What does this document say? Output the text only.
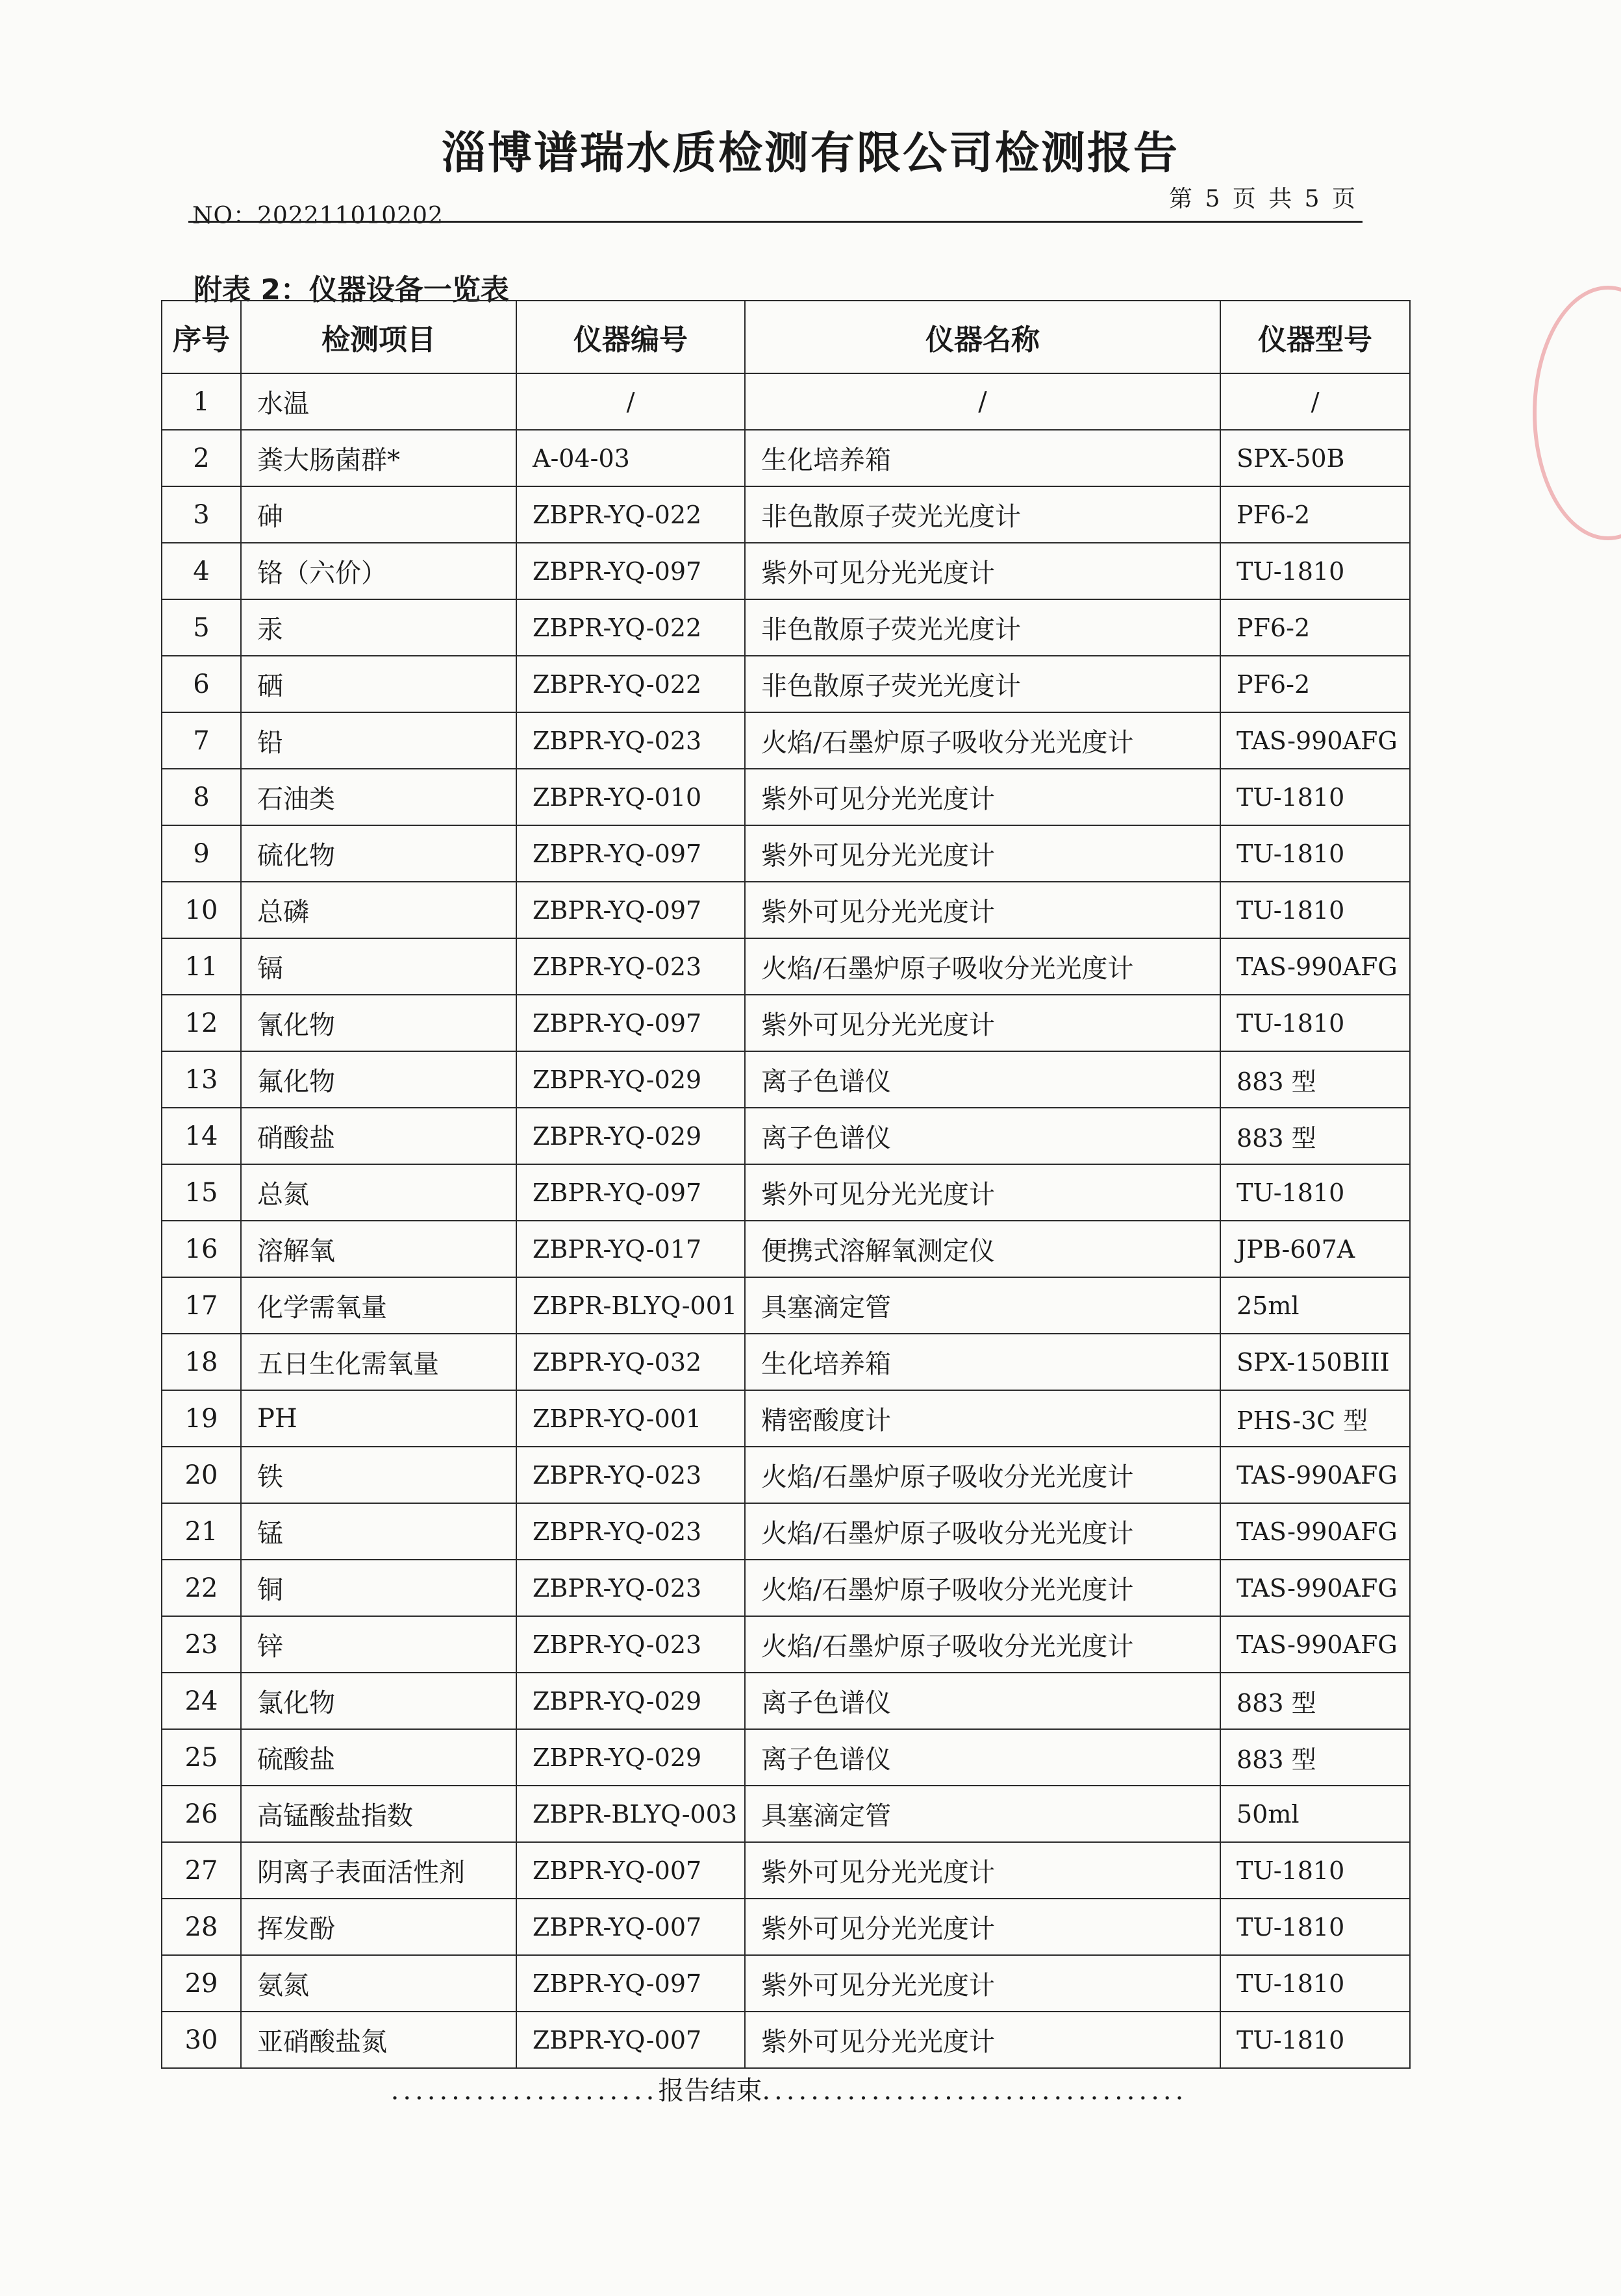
淄博谱瑞水质检测有限公司检测报告
NO：202211010202
第 5 页 共 5 页
附表 2：仪器设备一览表
序号	检测项目	仪器编号	仪器名称	仪器型号
1	水温	/	/	/
2	粪大肠菌群*	A-04-03	生化培养箱	SPX-50B
3	砷	ZBPR-YQ-022	非色散原子荧光光度计	PF6-2
4	铬（六价）	ZBPR-YQ-097	紫外可见分光光度计	TU-1810
5	汞	ZBPR-YQ-022	非色散原子荧光光度计	PF6-2
6	硒	ZBPR-YQ-022	非色散原子荧光光度计	PF6-2
7	铅	ZBPR-YQ-023	火焰/石墨炉原子吸收分光光度计	TAS-990AFG
8	石油类	ZBPR-YQ-010	紫外可见分光光度计	TU-1810
9	硫化物	ZBPR-YQ-097	紫外可见分光光度计	TU-1810
10	总磷	ZBPR-YQ-097	紫外可见分光光度计	TU-1810
11	镉	ZBPR-YQ-023	火焰/石墨炉原子吸收分光光度计	TAS-990AFG
12	氰化物	ZBPR-YQ-097	紫外可见分光光度计	TU-1810
13	氟化物	ZBPR-YQ-029	离子色谱仪	883 型
14	硝酸盐	ZBPR-YQ-029	离子色谱仪	883 型
15	总氮	ZBPR-YQ-097	紫外可见分光光度计	TU-1810
16	溶解氧	ZBPR-YQ-017	便携式溶解氧测定仪	JPB-607A
17	化学需氧量	ZBPR-BLYQ-001	具塞滴定管	25ml
18	五日生化需氧量	ZBPR-YQ-032	生化培养箱	SPX-150BIII
19	PH	ZBPR-YQ-001	精密酸度计	PHS-3C 型
20	铁	ZBPR-YQ-023	火焰/石墨炉原子吸收分光光度计	TAS-990AFG
21	锰	ZBPR-YQ-023	火焰/石墨炉原子吸收分光光度计	TAS-990AFG
22	铜	ZBPR-YQ-023	火焰/石墨炉原子吸收分光光度计	TAS-990AFG
23	锌	ZBPR-YQ-023	火焰/石墨炉原子吸收分光光度计	TAS-990AFG
24	氯化物	ZBPR-YQ-029	离子色谱仪	883 型
25	硫酸盐	ZBPR-YQ-029	离子色谱仪	883 型
26	高锰酸盐指数	ZBPR-BLYQ-003	具塞滴定管	50ml
27	阴离子表面活性剂	ZBPR-YQ-007	紫外可见分光光度计	TU-1810
28	挥发酚	ZBPR-YQ-007	紫外可见分光光度计	TU-1810
29	氨氮	ZBPR-YQ-097	紫外可见分光光度计	TU-1810
30	亚硝酸盐氮	ZBPR-YQ-007	紫外可见分光光度计	TU-1810
......................报告结束...................................
